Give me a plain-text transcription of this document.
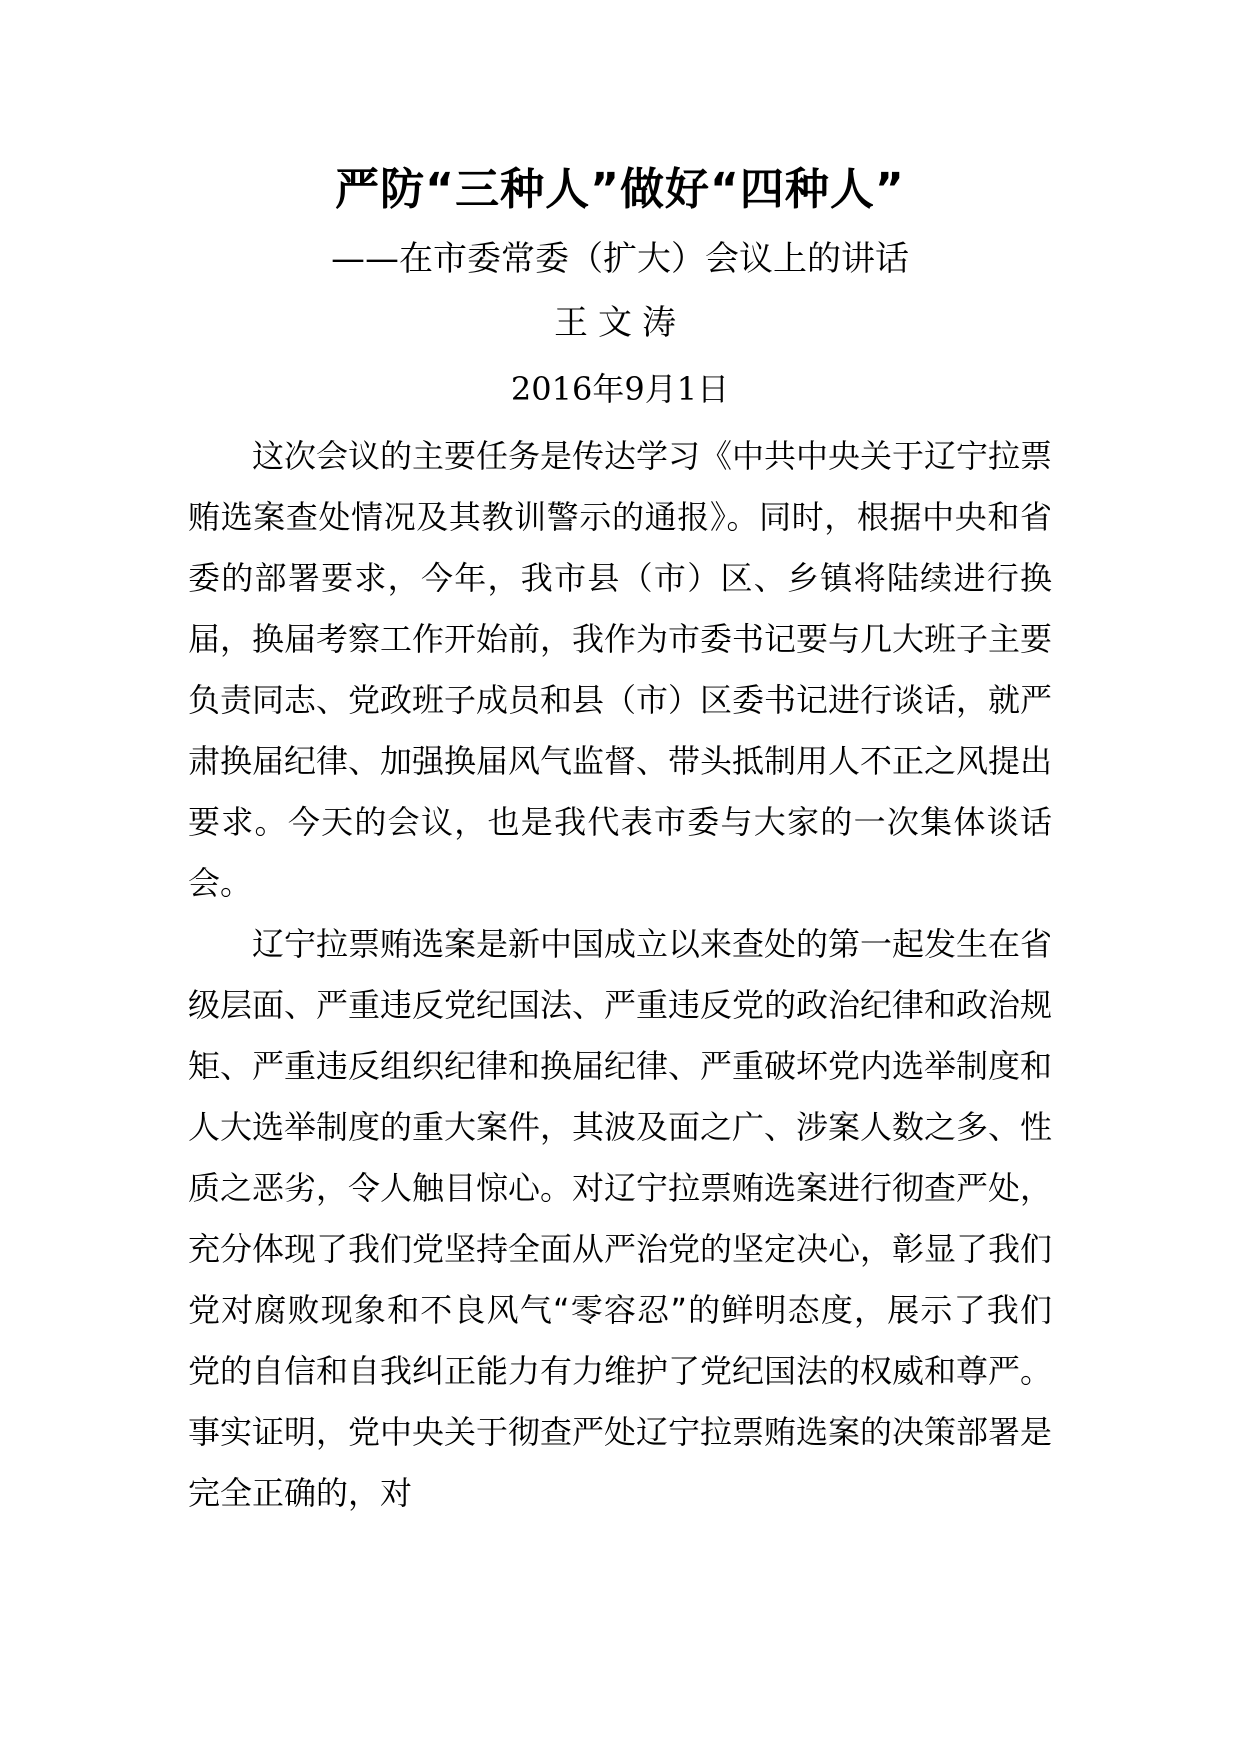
严防“三种人”做好“四种人”
——在市委常委（扩大）会议上的讲话
王文涛
2016年9月1日

这次会议的主要任务是传达学习《中共中央关于辽宁拉票贿选案查处情况及其教训警示的通报》。同时，根据中央和省委的部署要求，今年，我市县（市）区、乡镇将陆续进行换届，换届考察工作开始前，我作为市委书记要与几大班子主要负责同志、党政班子成员和县（市）区委书记进行谈话，就严肃换届纪律、加强换届风气监督、带头抵制用人不正之风提出要求。今天的会议，也是我代表市委与大家的一次集体谈话会。

辽宁拉票贿选案是新中国成立以来查处的第一起发生在省级层面、严重违反党纪国法、严重违反党的政治纪律和政治规矩、严重违反组织纪律和换届纪律、严重破坏党内选举制度和人大选举制度的重大案件，其波及面之广、涉案人数之多、性质之恶劣，令人触目惊心。对辽宁拉票贿选案进行彻查严处，充分体现了我们党坚持全面从严治党的坚定决心，彰显了我们党对腐败现象和不良风气“零容忍”的鲜明态度，展示了我们党的自信和自我纠正能力有力维护了党纪国法的权威和尊严。事实证明，党中央关于彻查严处辽宁拉票贿选案的决策部署是完全正确的，对
